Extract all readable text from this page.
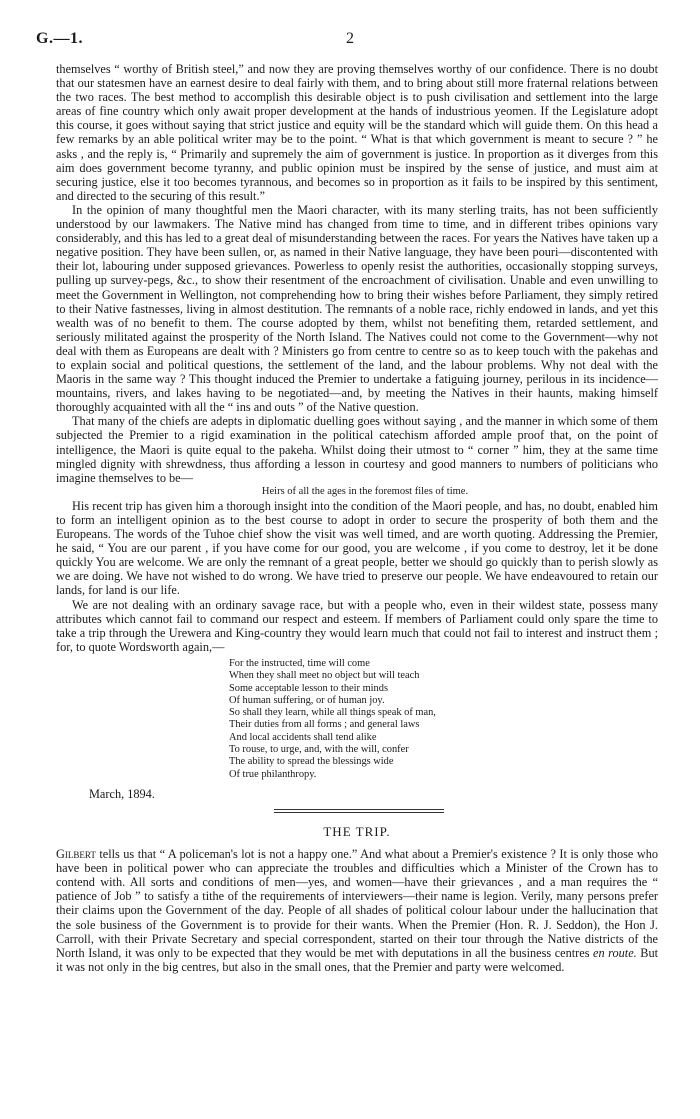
G.—1.	2

themselves “ worthy of British steel,” and now they are proving themselves worthy of our confidence. There is no doubt that our statesmen have an earnest desire to deal fairly with them, and to bring about still more fraternal relations between the two races. The best method to accomplish this desirable object is to push civilisation and settlement into the large areas of fine country which only await proper development at the hands of industrious yeomen. If the Legislature adopt this course, it goes without saying that strict justice and equity will be the standard which will guide them. On this head a few remarks by an able political writer may be to the point. “ What is that which government is meant to secure ? ” he asks , and the reply is, “ Primarily and supremely the aim of government is justice. In proportion as it diverges from this aim does government become tyranny, and public opinion must be inspired by the sense of justice, and must aim at securing justice, else it too becomes tyrannous, and becomes so in proportion as it fails to be inspired by this sentiment, and directed to the securing of this result.”

In the opinion of many thoughtful men the Maori character, with its many sterling traits, has not been sufficiently understood by our lawmakers. The Native mind has changed from time to time, and in different tribes opinions vary considerably, and this has led to a great deal of misunderstanding between the races. For years the Natives have taken up a negative position. They have been sullen, or, as named in their Native language, they have been pouri—discontented with their lot, labouring under supposed grievances. Powerless to openly resist the authorities, occasionally stopping surveys, pulling up survey-pegs, &c., to show their resentment of the encroachment of civilisation. Unable and even unwilling to meet the Government in Wellington, not comprehending how to bring their wishes before Parliament, they simply retired to their Native fastnesses, living in almost destitution. The remnants of a noble race, richly endowed in lands, and yet this wealth was of no benefit to them. The course adopted by them, whilst not benefiting them, retarded settlement, and seriously militated against the prosperity of the North Island. The Natives could not come to the Government—why not deal with them as Europeans are dealt with ? Ministers go from centre to centre so as to keep touch with the pakehas and to explain social and political questions, the settlement of the land, and the labour problems. Why not deal with the Maoris in the same way ? This thought induced the Premier to undertake a fatiguing journey, perilous in its incidence—mountains, rivers, and lakes having to be negotiated—and, by meeting the Natives in their haunts, making himself thoroughly acquainted with all the “ ins and outs ” of the Native question.

That many of the chiefs are adepts in diplomatic duelling goes without saying , and the manner in which some of them subjected the Premier to a rigid examination in the political catechism afforded ample proof that, on the point of intelligence, the Maori is quite equal to the pakeha. Whilst doing their utmost to “ corner ” him, they at the same time mingled dignity with shrewdness, thus affording a lesson in courtesy and good manners to numbers of politicians who imagine themselves to be—

Heirs of all the ages in the foremost files of time.

His recent trip has given him a thorough insight into the condition of the Maori people, and has, no doubt, enabled him to form an intelligent opinion as to the best course to adopt in order to secure the prosperity of both them and the Europeans. The words of the Tuhoe chief show the visit was well timed, and are worth quoting. Addressing the Premier, he said, “ You are our parent , if you have come for our good, you are welcome , if you come to destroy, let it be done quickly You are welcome. We are only the remnant of a great people, better we should go quickly than to perish slowly as we are doing. We have not wished to do wrong. We have tried to preserve our people. We have endeavoured to retain our lands, for land is our life.

We are not dealing with an ordinary savage race, but with a people who, even in their wildest state, possess many attributes which cannot fail to command our respect and esteem. If members of Parliament could only spare the time to take a trip through the Urewera and King-country they would learn much that could not fail to interest and instruct them ; for, to quote Wordsworth again,—

For the instructed, time will come
When they shall meet no object but will teach
Some acceptable lesson to their minds
Of human suffering, or of human joy.
So shall they learn, while all things speak of man,
Their duties from all forms ; and general laws
And local accidents shall tend alike
To rouse, to urge, and, with the will, confer
The ability to spread the blessings wide
Of true philanthropy.
March, 1894.
THE TRIP.

Gilbert tells us that “ A policeman's lot is not a happy one.” And what about a Premier's existence ? It is only those who have been in political power who can appreciate the troubles and difficulties which a Minister of the Crown has to contend with. All sorts and conditions of men—yes, and women—have their grievances , and a man requires the “ patience of Job ” to satisfy a tithe of the requirements of interviewers—their name is legion. Verily, many persons prefer their claims upon the Government of the day. People of all shades of political colour labour under the hallucination that the sole business of the Government is to provide for their wants. When the Premier (Hon. R. J. Seddon), the Hon J. Carroll, with their Private Secretary and special correspondent, started on their tour through the Native districts of the North Island, it was only to be expected that they would be met with deputations in all the business centres en route. But it was not only in the big centres, but also in the small ones, that the Premier and party were welcomed.
